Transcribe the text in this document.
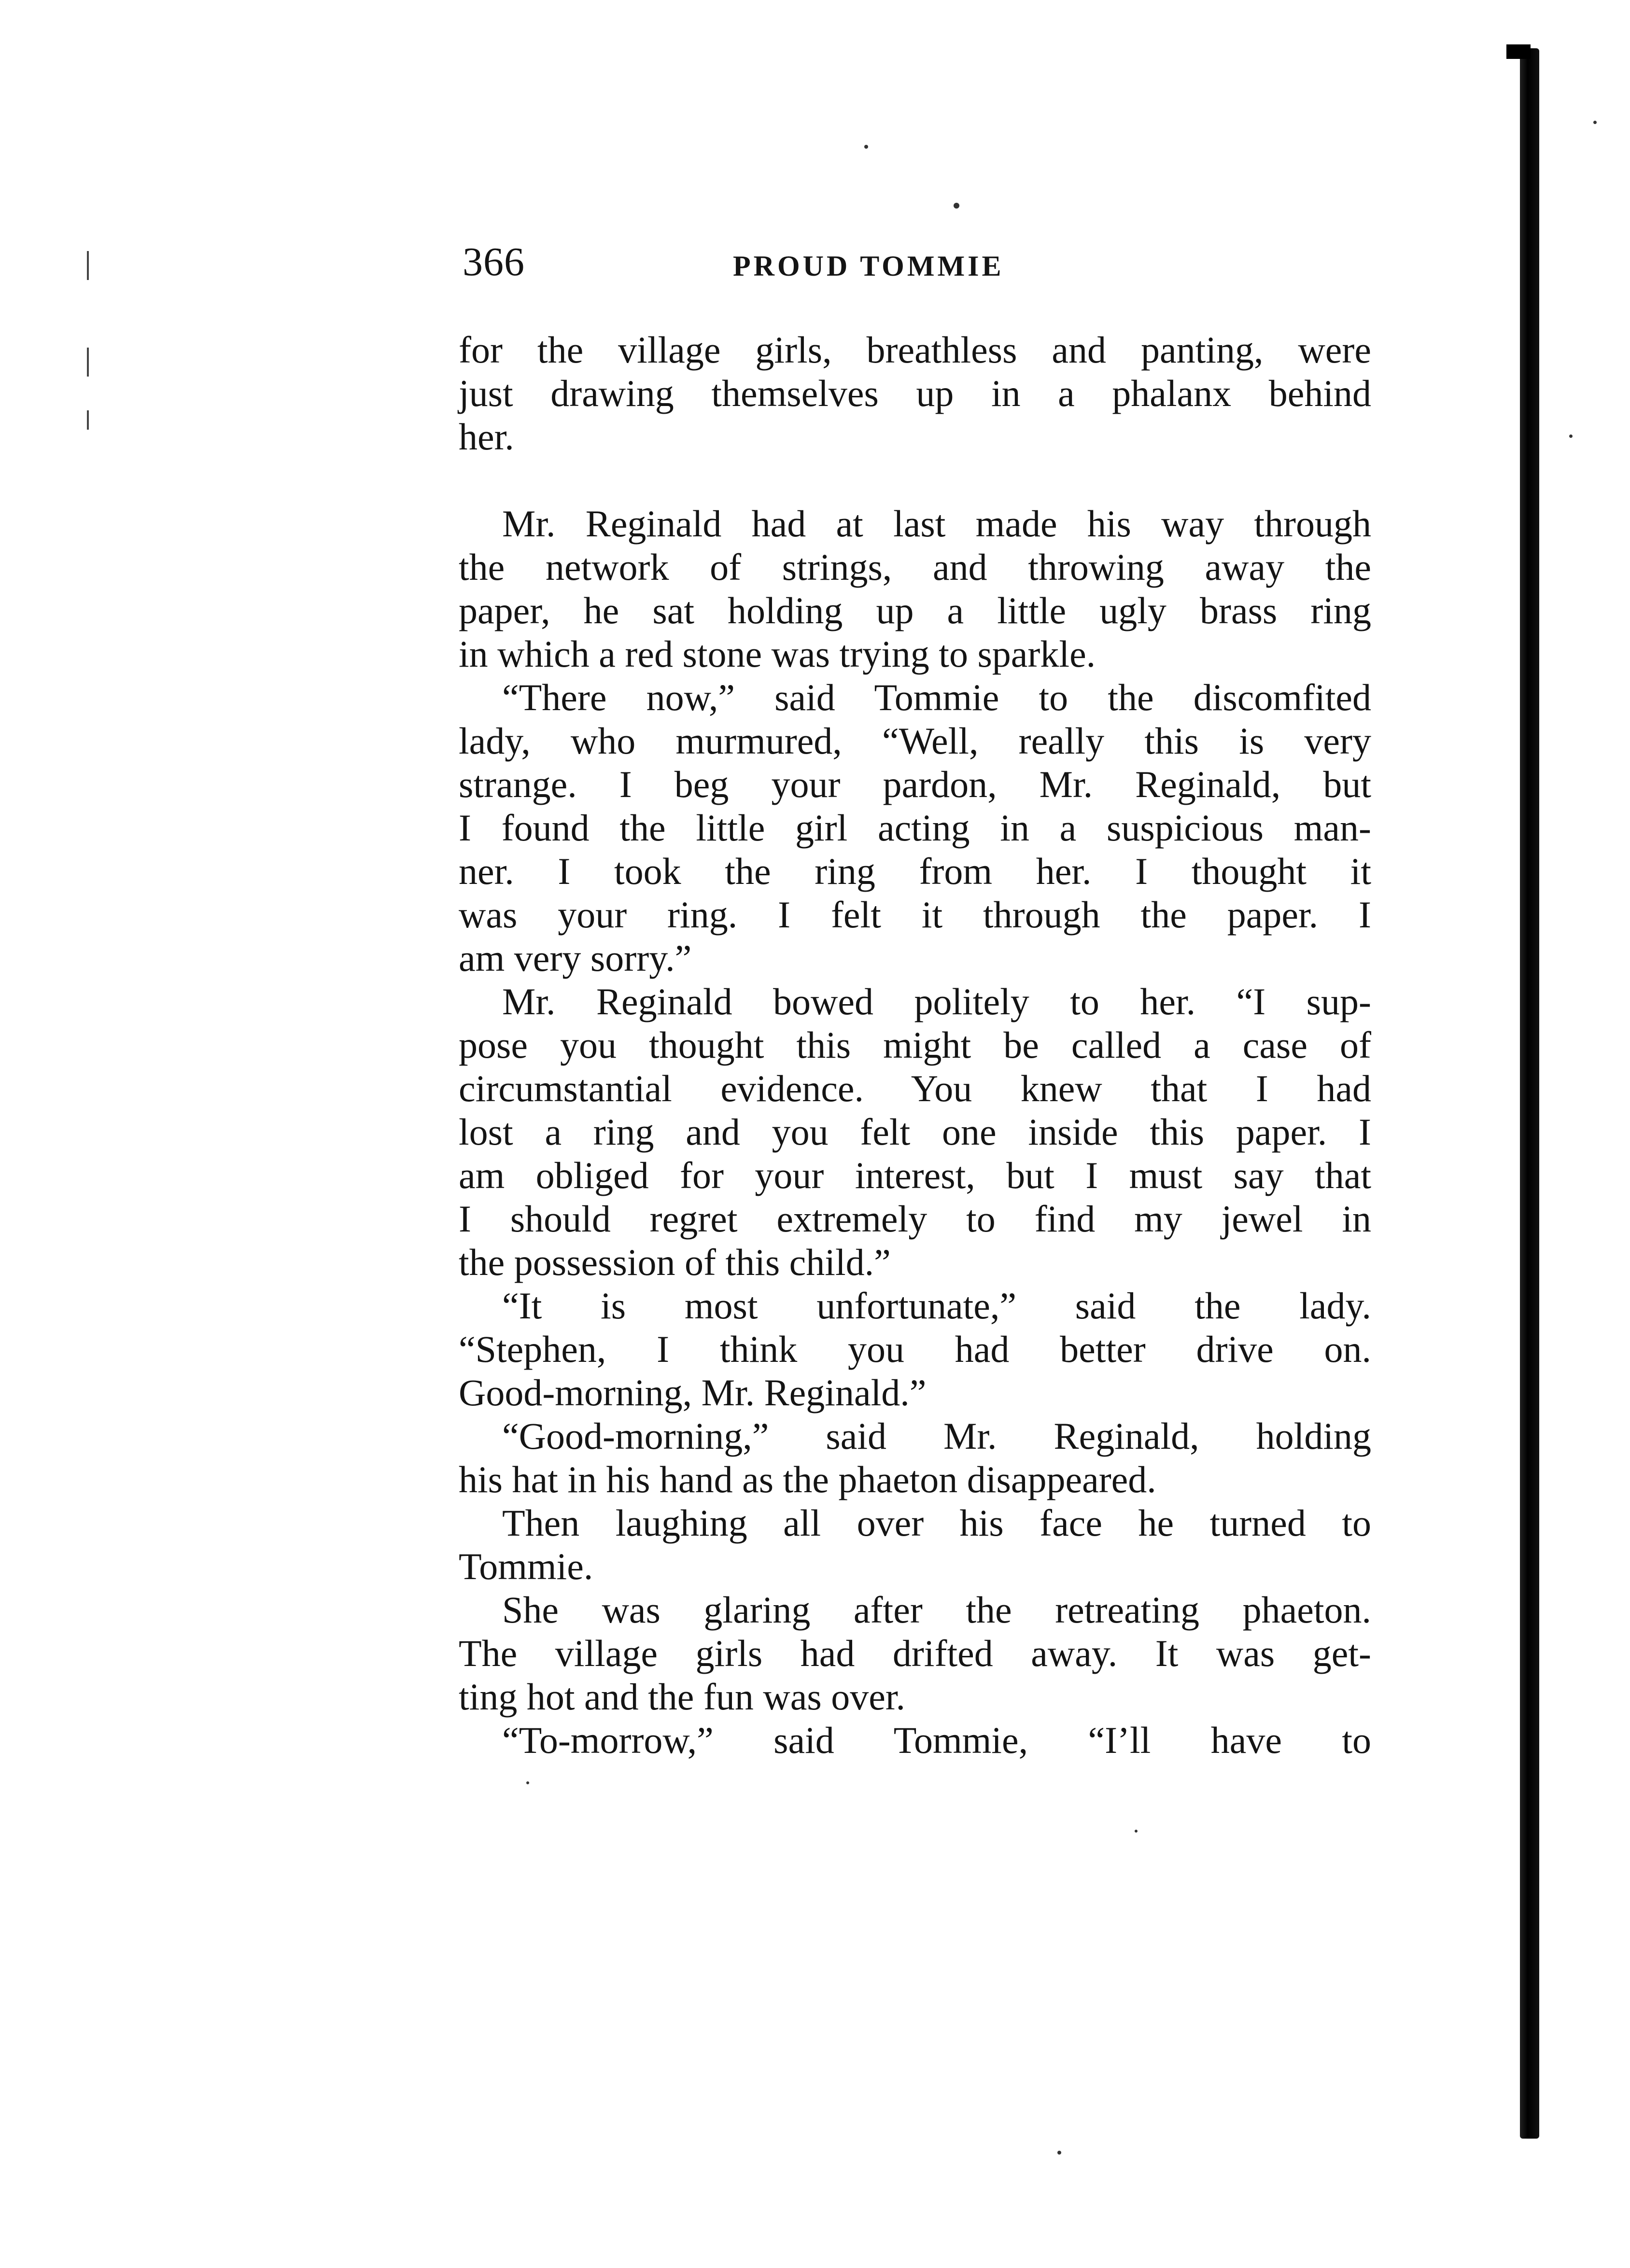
366	PROUD TOMMIE
for the village girls, breathless and panting, were
just drawing themselves up in a phalanx behind
her.
Mr. Reginald had at last made his way through
the network of strings, and throwing away the
paper, he sat holding up a little ugly brass ring
in which a red stone was trying to sparkle.
“There now,” said Tommie to the discomfited
lady, who murmured, “Well, really this is very
strange. I beg your pardon, Mr. Reginald, but
I found the little girl acting in a suspicious man-
ner. I took the ring from her. I thought it
was your ring. I felt it through the paper. I
am very sorry.”
Mr. Reginald bowed politely to her. “I sup-
pose you thought this might be called a case of
circumstantial evidence. You knew that I had
lost a ring and you felt one inside this paper. I
am obliged for your interest, but I must say that
I should regret extremely to find my jewel in
the possession of this child.”
“It is most unfortunate,” said the lady.
“Stephen, I think you had better drive on.
Good-morning, Mr. Reginald.”
“Good-morning,” said Mr. Reginald, holding
his hat in his hand as the phaeton disappeared.
Then laughing all over his face he turned to
Tommie.
She was glaring after the retreating phaeton.
The village girls had drifted away. It was get-
ting hot and the fun was over.
“To-morrow,” said Tommie, “I’ll have to
